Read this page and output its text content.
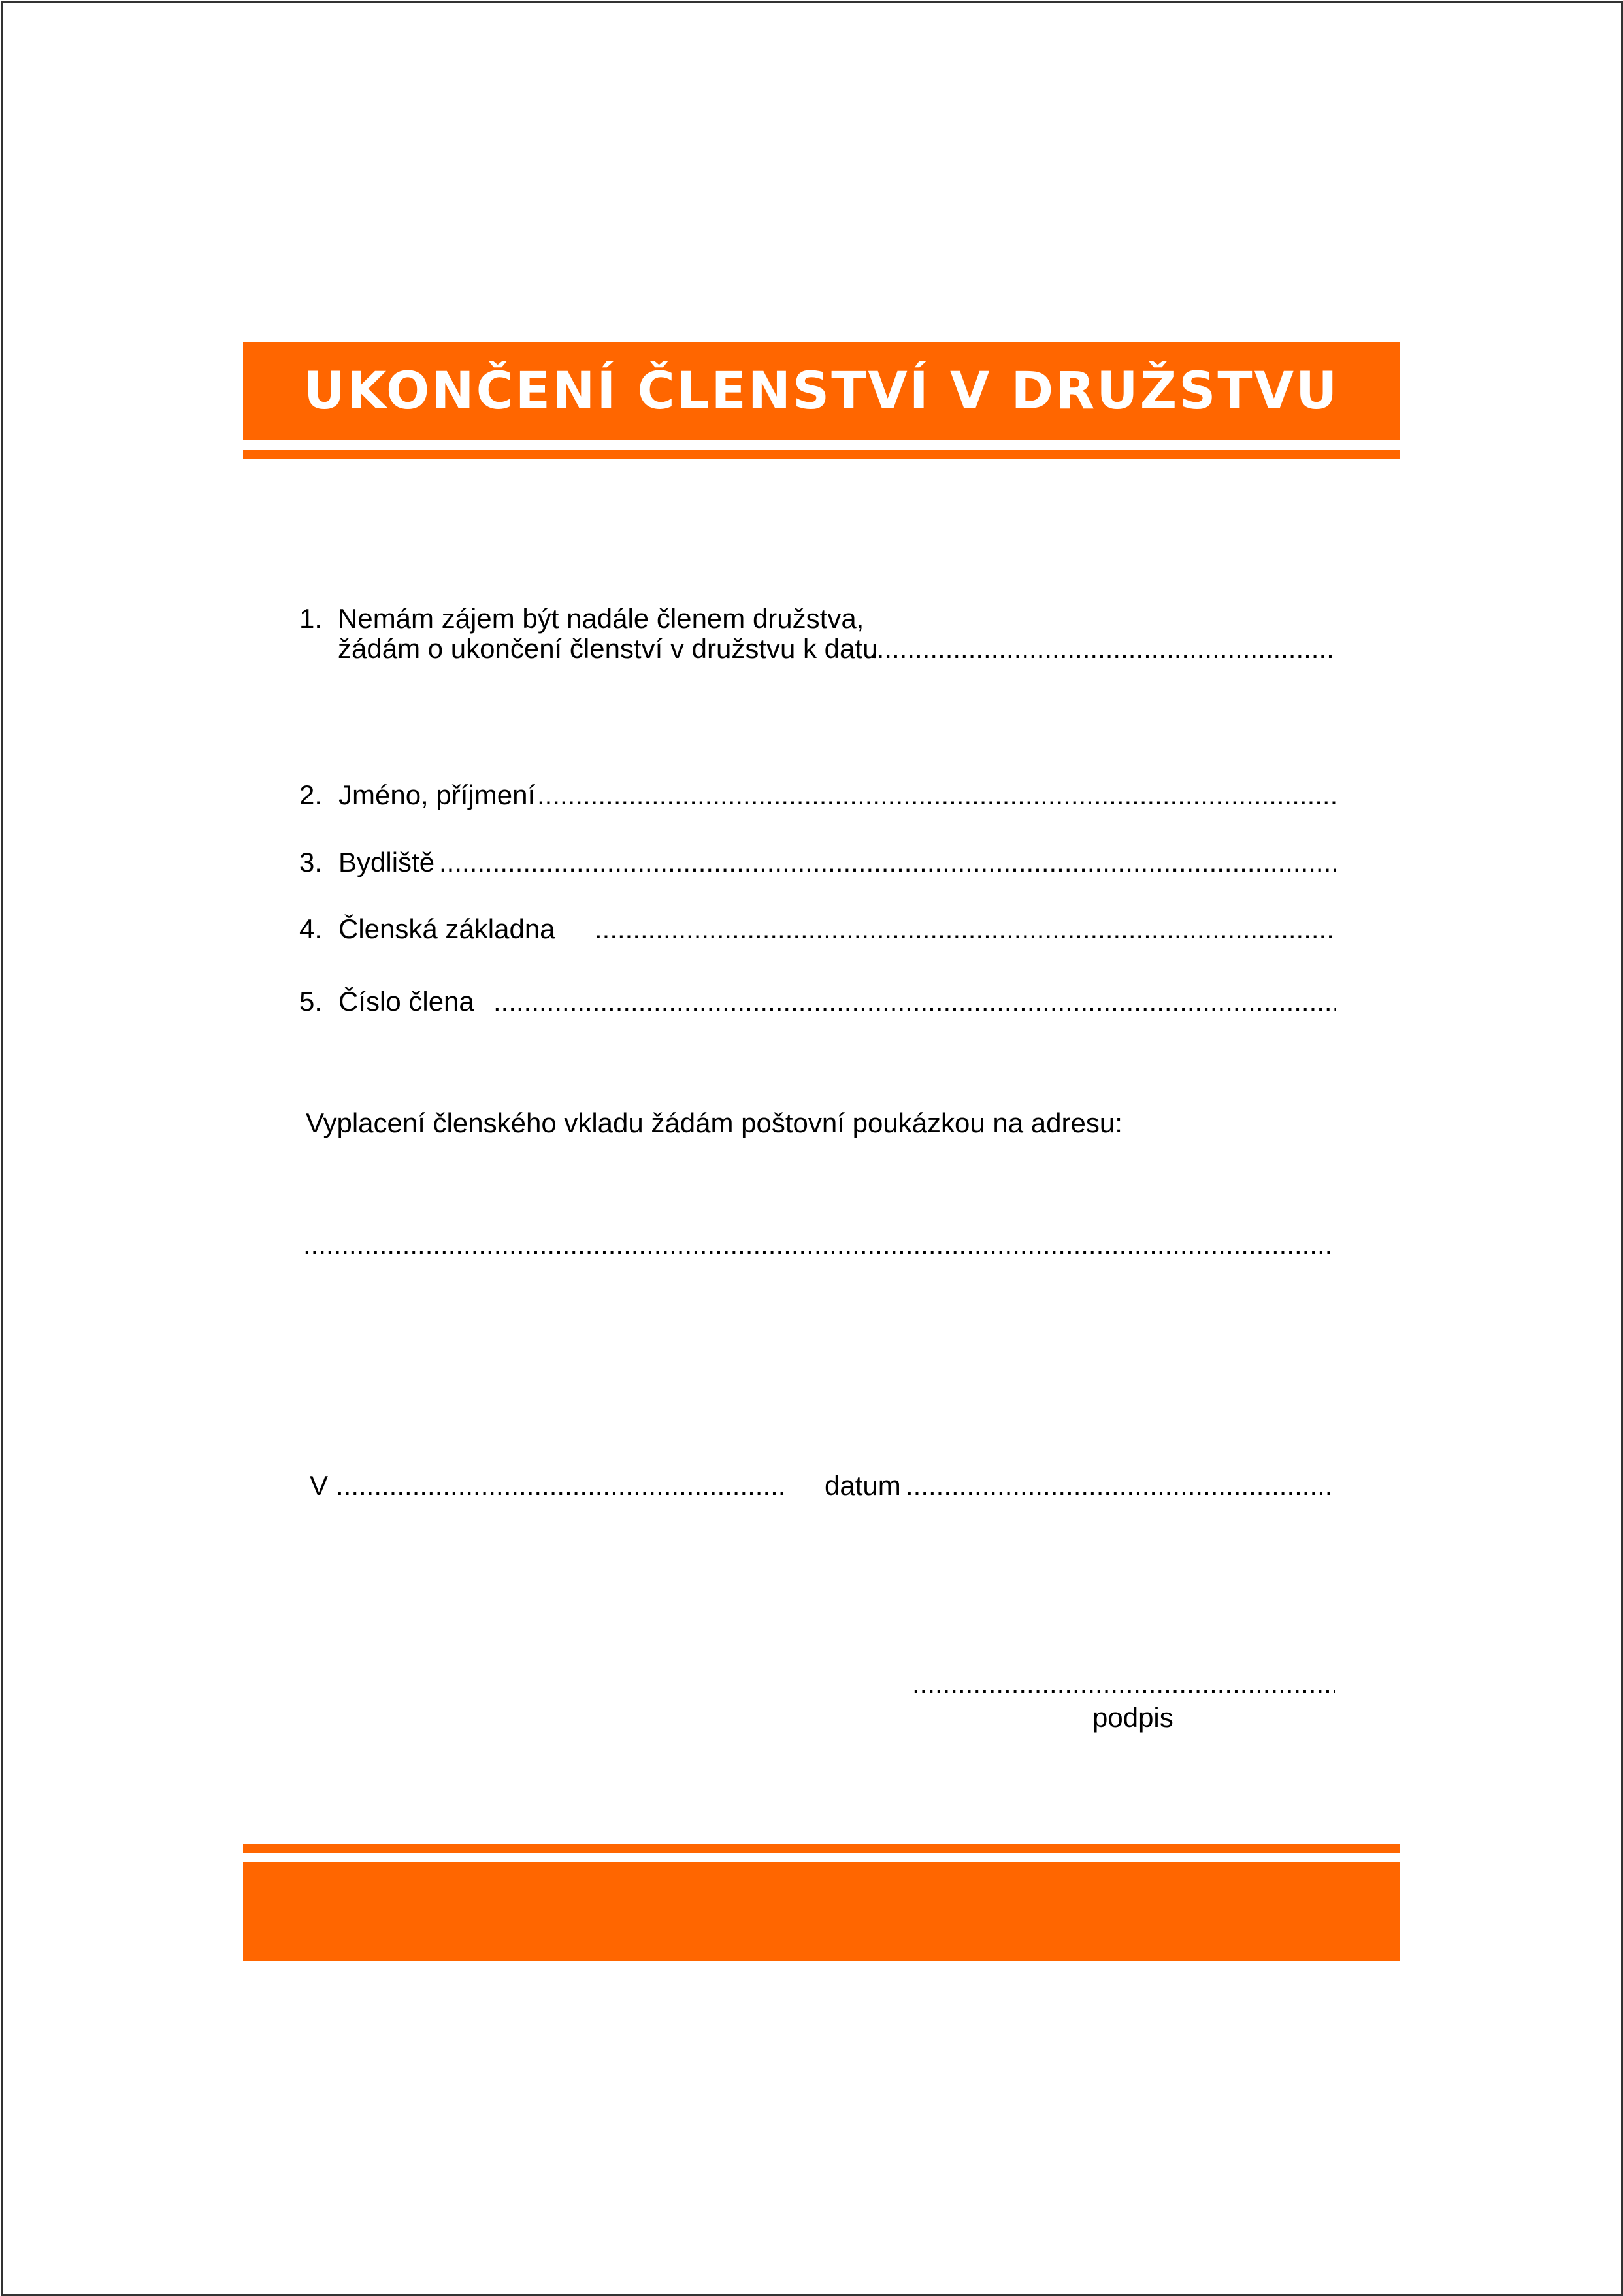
UKONČENÍ ČLENSTVÍ V DRUŽSTVU
1. Nemám zájem být nadále členem družstva,
žádám o ukončení členství v družstvu k datu
.....
2. Jméno, příjmení
.....
3. Bydliště
.....
4. Členská základna
.....
5. Číslo člena
.....
Vyplacení členského vkladu žádám poštovní poukázkou na adresu:
.....
V
.....	datum
.....
.....
podpis
